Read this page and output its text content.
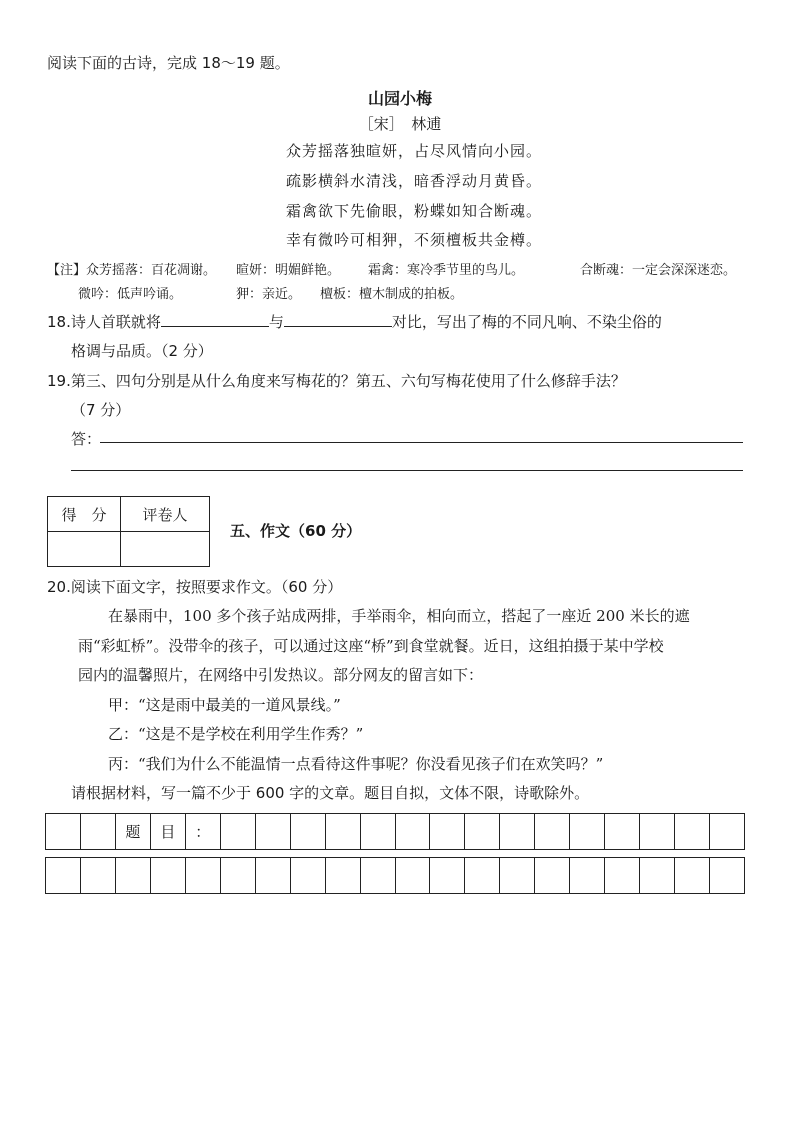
阅读下面的古诗，完成 18～19 题。
山园小梅
［宋］　林逋
众芳摇落独暄妍，占尽风情向小园。
疏影横斜水清浅，暗香浮动月黄昏。
霜禽欲下先偷眼，粉蝶如知合断魂。
幸有微吟可相狎，不须檀板共金樽。
【注】众芳摇落：百花凋谢。 暄妍：明媚鲜艳。 霜禽：寒冷季节里的鸟儿。	合断魂：一定会深深迷恋。
微吟：低声吟诵。	狎：亲近。 檀板：檀木制成的拍板。
18.诗人首联就将	与	对比，写出了梅的不同凡响、不染尘俗的
格调与品质。（2 分）
19.第三、四句分别是从什么角度来写梅花的？第五、六句写梅花使用了什么修辞手法？
（7 分）
答：
得　分	评卷人

五、作文（60 分）
20.阅读下面文字，按照要求作文。（60 分）
在暴雨中，100 多个孩子站成两排，手举雨伞，相向而立，搭起了一座近 200 米长的遮
雨“彩虹桥”。没带伞的孩子，可以通过这座“桥”到食堂就餐。近日，这组拍摄于某中学校
园内的温馨照片，在网络中引发热议。部分网友的留言如下：
甲：“这是雨中最美的一道风景线。”
乙：“这是不是学校在利用学生作秀？”
丙：“我们为什么不能温情一点看待这件事呢？你没看见孩子们在欢笑吗？”
请根据材料，写一篇不少于 600 字的文章。题目自拟，文体不限，诗歌除外。
题	目	：
